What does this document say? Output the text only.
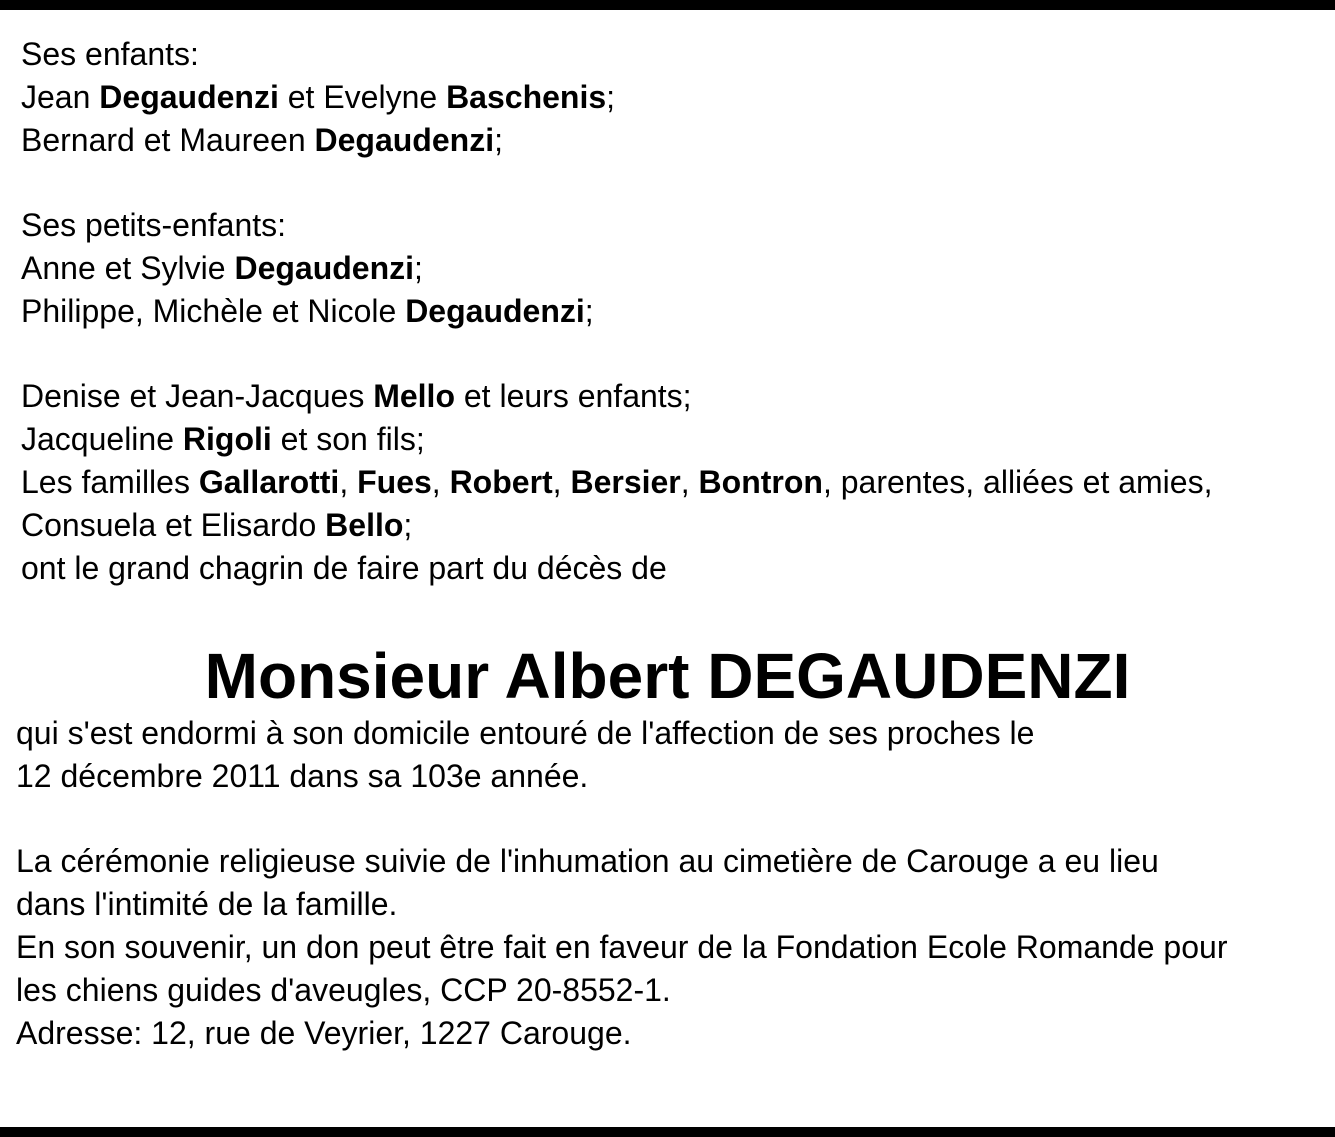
Ses enfants:
Jean Degaudenzi et Evelyne Baschenis;
Bernard et Maureen Degaudenzi;
Ses petits-enfants:
Anne et Sylvie Degaudenzi;
Philippe, Michèle et Nicole Degaudenzi;
Denise et Jean-Jacques Mello et leurs enfants;
Jacqueline Rigoli et son fils;
Les familles Gallarotti, Fues, Robert, Bersier, Bontron, parentes, alliées et amies,
Consuela et Elisardo Bello;
ont le grand chagrin de faire part du décès de
Monsieur Albert DEGAUDENZI
qui s'est endormi à son domicile entouré de l'affection de ses proches le
12 décembre 2011 dans sa 103e année.
La cérémonie religieuse suivie de l'inhumation au cimetière de Carouge a eu lieu
dans l'intimité de la famille.
En son souvenir, un don peut être fait en faveur de la Fondation Ecole Romande pour
les chiens guides d'aveugles, CCP 20-8552-1.
Adresse: 12, rue de Veyrier, 1227 Carouge.
